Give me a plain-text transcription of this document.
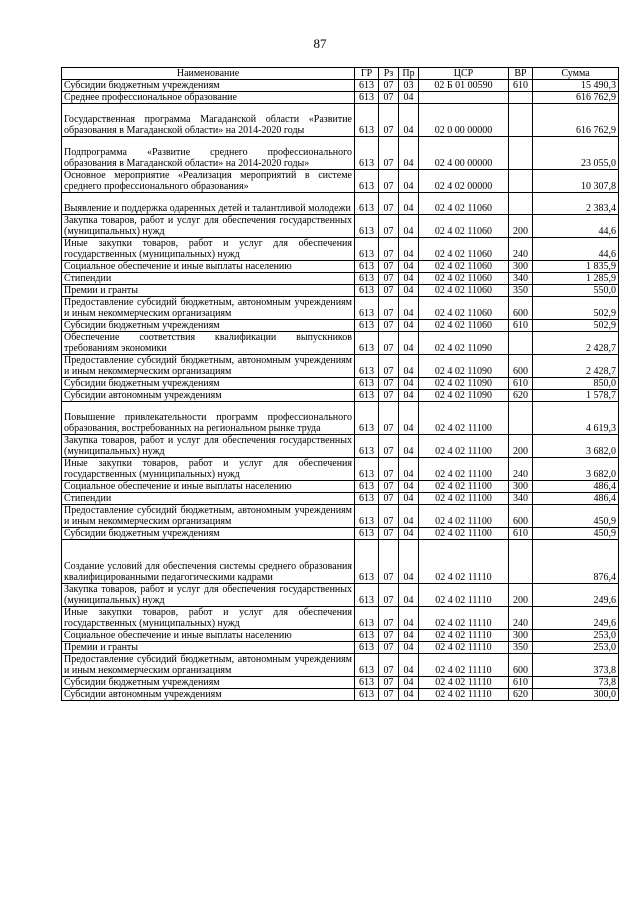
87
Наименование	ГР	Рз	Пр	ЦСР	ВР	Сумма
Субсидии бюджетным учреждениям	613	07	03	02 Б 01 00590	610	15 490,3
Среднее профессиональное образование	613	07	04			616 762,9
Государственная программа Магаданской области «Развитие образования в Магаданской области» на 2014-2020 годы	613	07	04	02 0 00 00000		616 762,9
Подпрограмма «Развитие среднего профессионального образования в Магаданской области» на 2014-2020 годы»	613	07	04	02 4 00 00000		23 055,0
Основное мероприятие «Реализация мероприятий в системе среднего профессионального образования»	613	07	04	02 4 02 00000		10 307,8
Выявление и поддержка одаренных детей и талантливой молодежи	613	07	04	02 4 02 11060		2 383,4
Закупка товаров, работ и услуг для обеспечения государственных (муниципальных) нужд	613	07	04	02 4 02 11060	200	44,6
Иные закупки товаров, работ и услуг для обеспечения государственных (муниципальных) нужд	613	07	04	02 4 02 11060	240	44,6
Социальное обеспечение и иные выплаты населению	613	07	04	02 4 02 11060	300	1 835,9
Стипендии	613	07	04	02 4 02 11060	340	1 285,9
Премии и гранты	613	07	04	02 4 02 11060	350	550,0
Предоставление субсидий бюджетным, автономным учреждениям и иным некоммерческим организациям	613	07	04	02 4 02 11060	600	502,9
Субсидии бюджетным учреждениям	613	07	04	02 4 02 11060	610	502,9
Обеспечение соответствия квалификации выпускников требованиям экономики	613	07	04	02 4 02 11090		2 428,7
Предоставление субсидий бюджетным, автономным учреждениям и иным некоммерческим организациям	613	07	04	02 4 02 11090	600	2 428,7
Субсидии бюджетным учреждениям	613	07	04	02 4 02 11090	610	850,0
Субсидии автономным учреждениям	613	07	04	02 4 02 11090	620	1 578,7
Повышение привлекательности программ профессионального образования, востребованных на региональном рынке труда	613	07	04	02 4 02 11100		4 619,3
Закупка товаров, работ и услуг для обеспечения государственных (муниципальных) нужд	613	07	04	02 4 02 11100	200	3 682,0
Иные закупки товаров, работ и услуг для обеспечения государственных (муниципальных) нужд	613	07	04	02 4 02 11100	240	3 682,0
Социальное обеспечение и иные выплаты населению	613	07	04	02 4 02 11100	300	486,4
Стипендии	613	07	04	02 4 02 11100	340	486,4
Предоставление субсидий бюджетным, автономным учреждениям и иным некоммерческим организациям	613	07	04	02 4 02 11100	600	450,9
Субсидии бюджетным учреждениям	613	07	04	02 4 02 11100	610	450,9
Создание условий для обеспечения системы среднего образования квалифицированными педагогическими кадрами	613	07	04	02 4 02 11110		876,4
Закупка товаров, работ и услуг для обеспечения государственных (муниципальных) нужд	613	07	04	02 4 02 11110	200	249,6
Иные закупки товаров, работ и услуг для обеспечения государственных (муниципальных) нужд	613	07	04	02 4 02 11110	240	249,6
Социальное обеспечение и иные выплаты населению	613	07	04	02 4 02 11110	300	253,0
Премии и гранты	613	07	04	02 4 02 11110	350	253,0
Предоставление субсидий бюджетным, автономным учреждениям и иным некоммерческим организациям	613	07	04	02 4 02 11110	600	373,8
Субсидии бюджетным учреждениям	613	07	04	02 4 02 11110	610	73,8
Субсидии автономным учреждениям	613	07	04	02 4 02 11110	620	300,0
